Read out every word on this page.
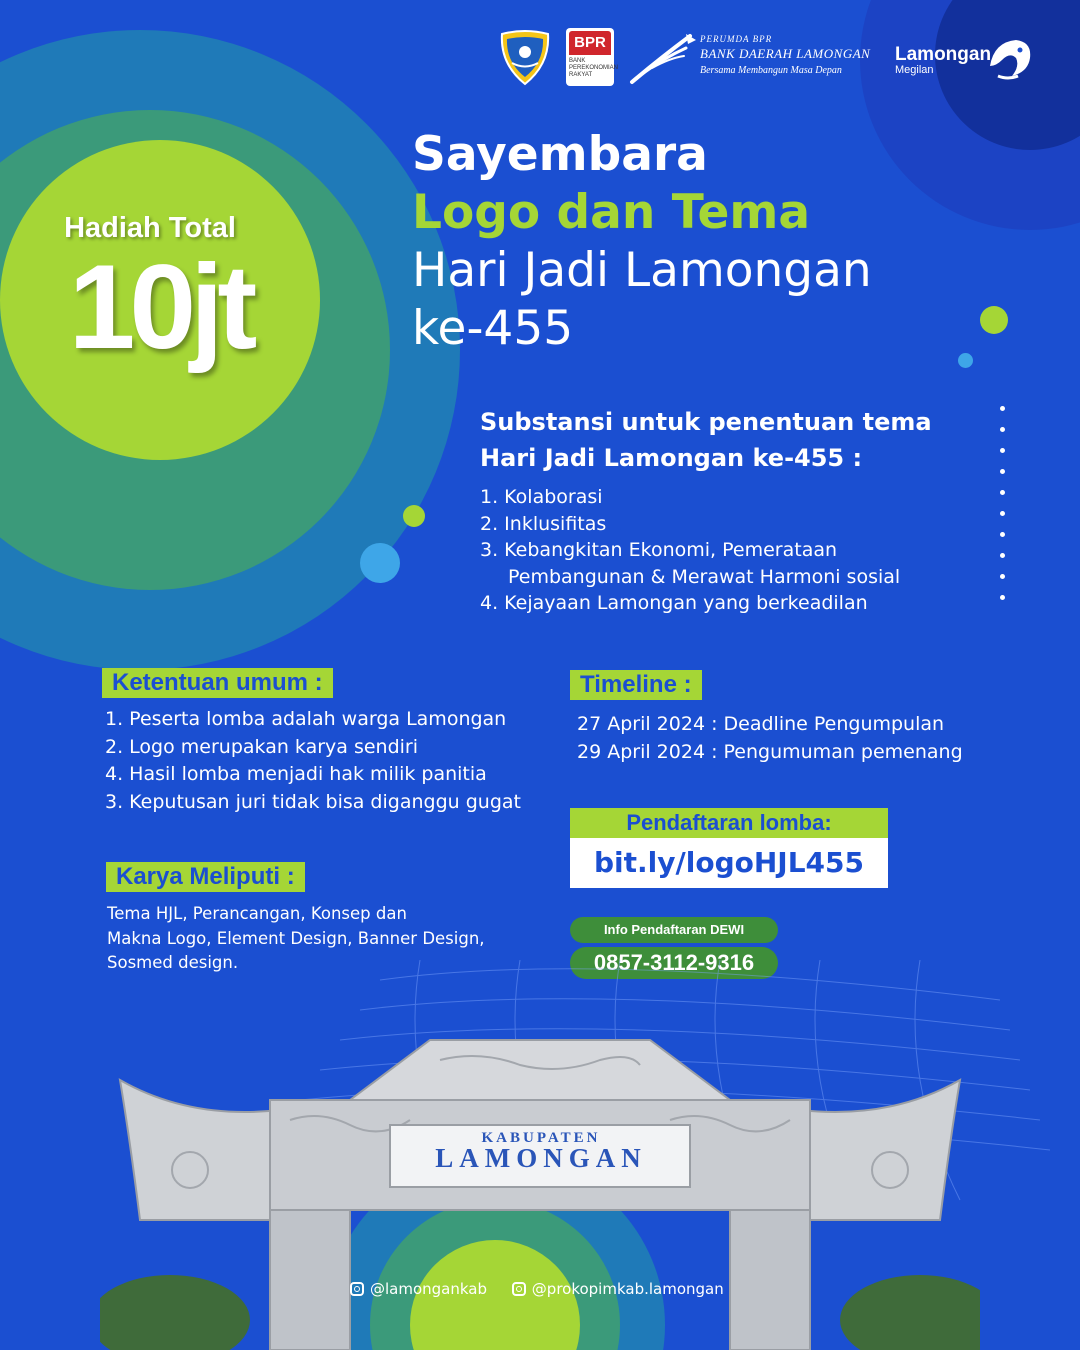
BPR
BANK PEREKONOMIAN RAKYAT
PERUMDA BPR
BANK DAERAH LAMONGAN
Bersama Membangun Masa Depan
Lamongan
Megilan
Hadiah Total
10jt
Sayembara
Logo dan Tema
Hari Jadi Lamongan
ke-455
Substansi untuk penentuan tema
Hari Jadi Lamongan ke-455 :
1. Kolaborasi
2. Inklusifitas
3. Kebangkitan Ekonomi, Pemerataan
Pembangunan & Merawat Harmoni sosial
4. Kejayaan Lamongan yang berkeadilan
Ketentuan umum :
1. Peserta lomba adalah warga Lamongan
2. Logo merupakan karya sendiri
4. Hasil lomba menjadi hak milik panitia
3. Keputusan juri tidak bisa diganggu gugat
Timeline :
27 April 2024 : Deadline Pengumpulan
29 April 2024 : Pengumuman pemenang
Pendaftaran lomba:
bit.ly/logoHJL455
Karya Meliputi :
Tema HJL, Perancangan, Konsep dan
Makna Logo, Element Design, Banner Design,
Sosmed design.
Info Pendaftaran DEWI
0857-3112-9316
KABUPATEN
LAMONGAN
@lamongankab
	@prokopimkab.lamongan
